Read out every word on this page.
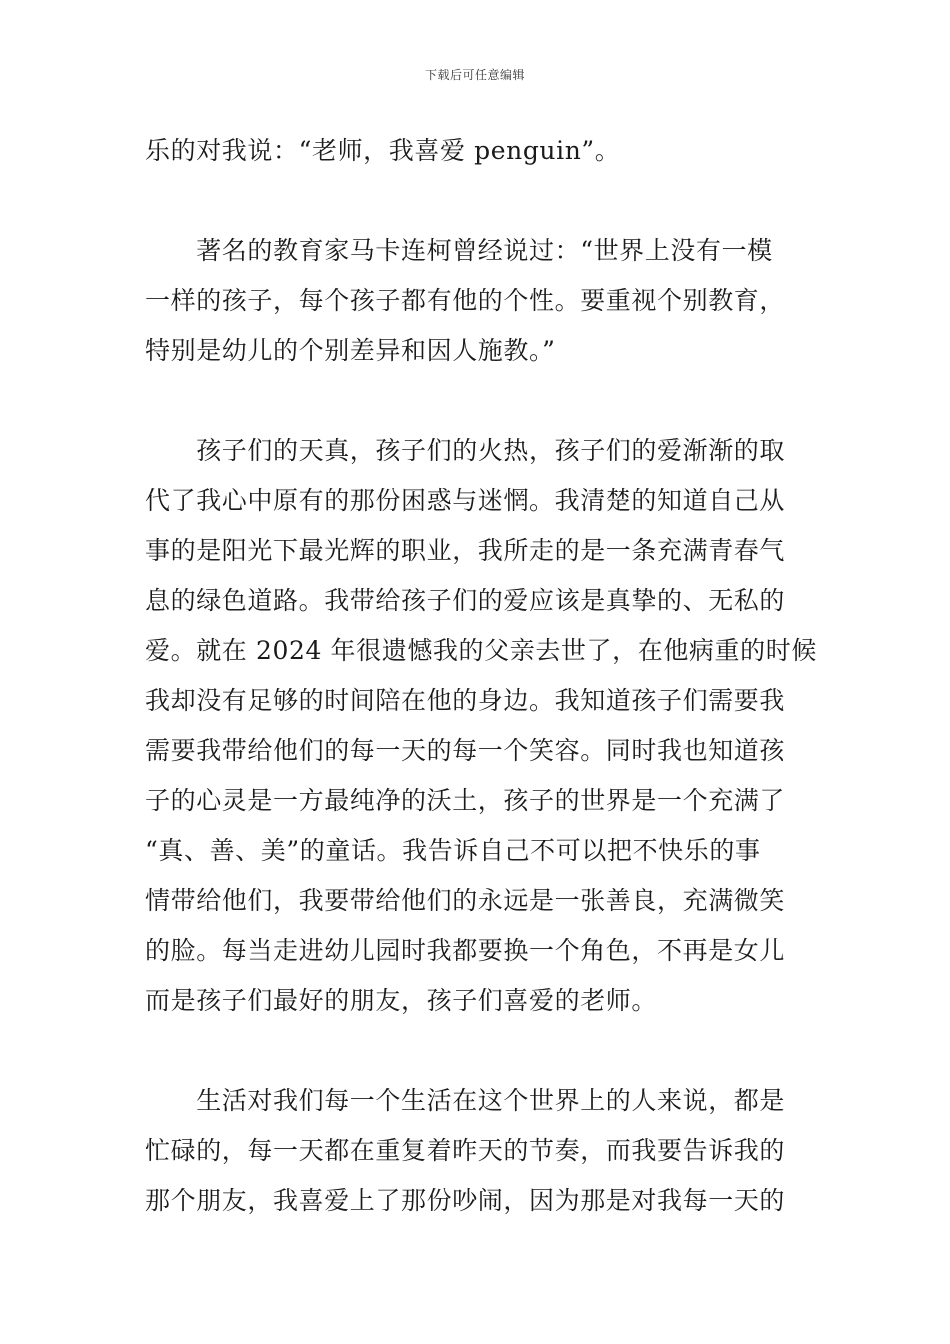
下载后可任意编辑
乐的对我说：“老师，我喜爱 penguin”。
　　著名的教育家马卡连柯曾经说过：“世界上没有一模
一样的孩子，每个孩子都有他的个性。要重视个别教育，
特别是幼儿的个别差异和因人施教。”
　　孩子们的天真，孩子们的火热，孩子们的爱渐渐的取
代了我心中原有的那份困惑与迷惘。我清楚的知道自己从
事的是阳光下最光辉的职业，我所走的是一条充满青春气
息的绿色道路。我带给孩子们的爱应该是真挚的、无私的
爱。就在 2024 年很遗憾我的父亲去世了，在他病重的时候
我却没有足够的时间陪在他的身边。我知道孩子们需要我
需要我带给他们的每一天的每一个笑容。同时我也知道孩
子的心灵是一方最纯净的沃土，孩子的世界是一个充满了
“真、善、美”的童话。我告诉自己不可以把不快乐的事
情带给他们，我要带给他们的永远是一张善良，充满微笑
的脸。每当走进幼儿园时我都要换一个角色，不再是女儿
而是孩子们最好的朋友，孩子们喜爱的老师。
　　生活对我们每一个生活在这个世界上的人来说，都是
忙碌的，每一天都在重复着昨天的节奏，而我要告诉我的
那个朋友，我喜爱上了那份吵闹，因为那是对我每一天的
